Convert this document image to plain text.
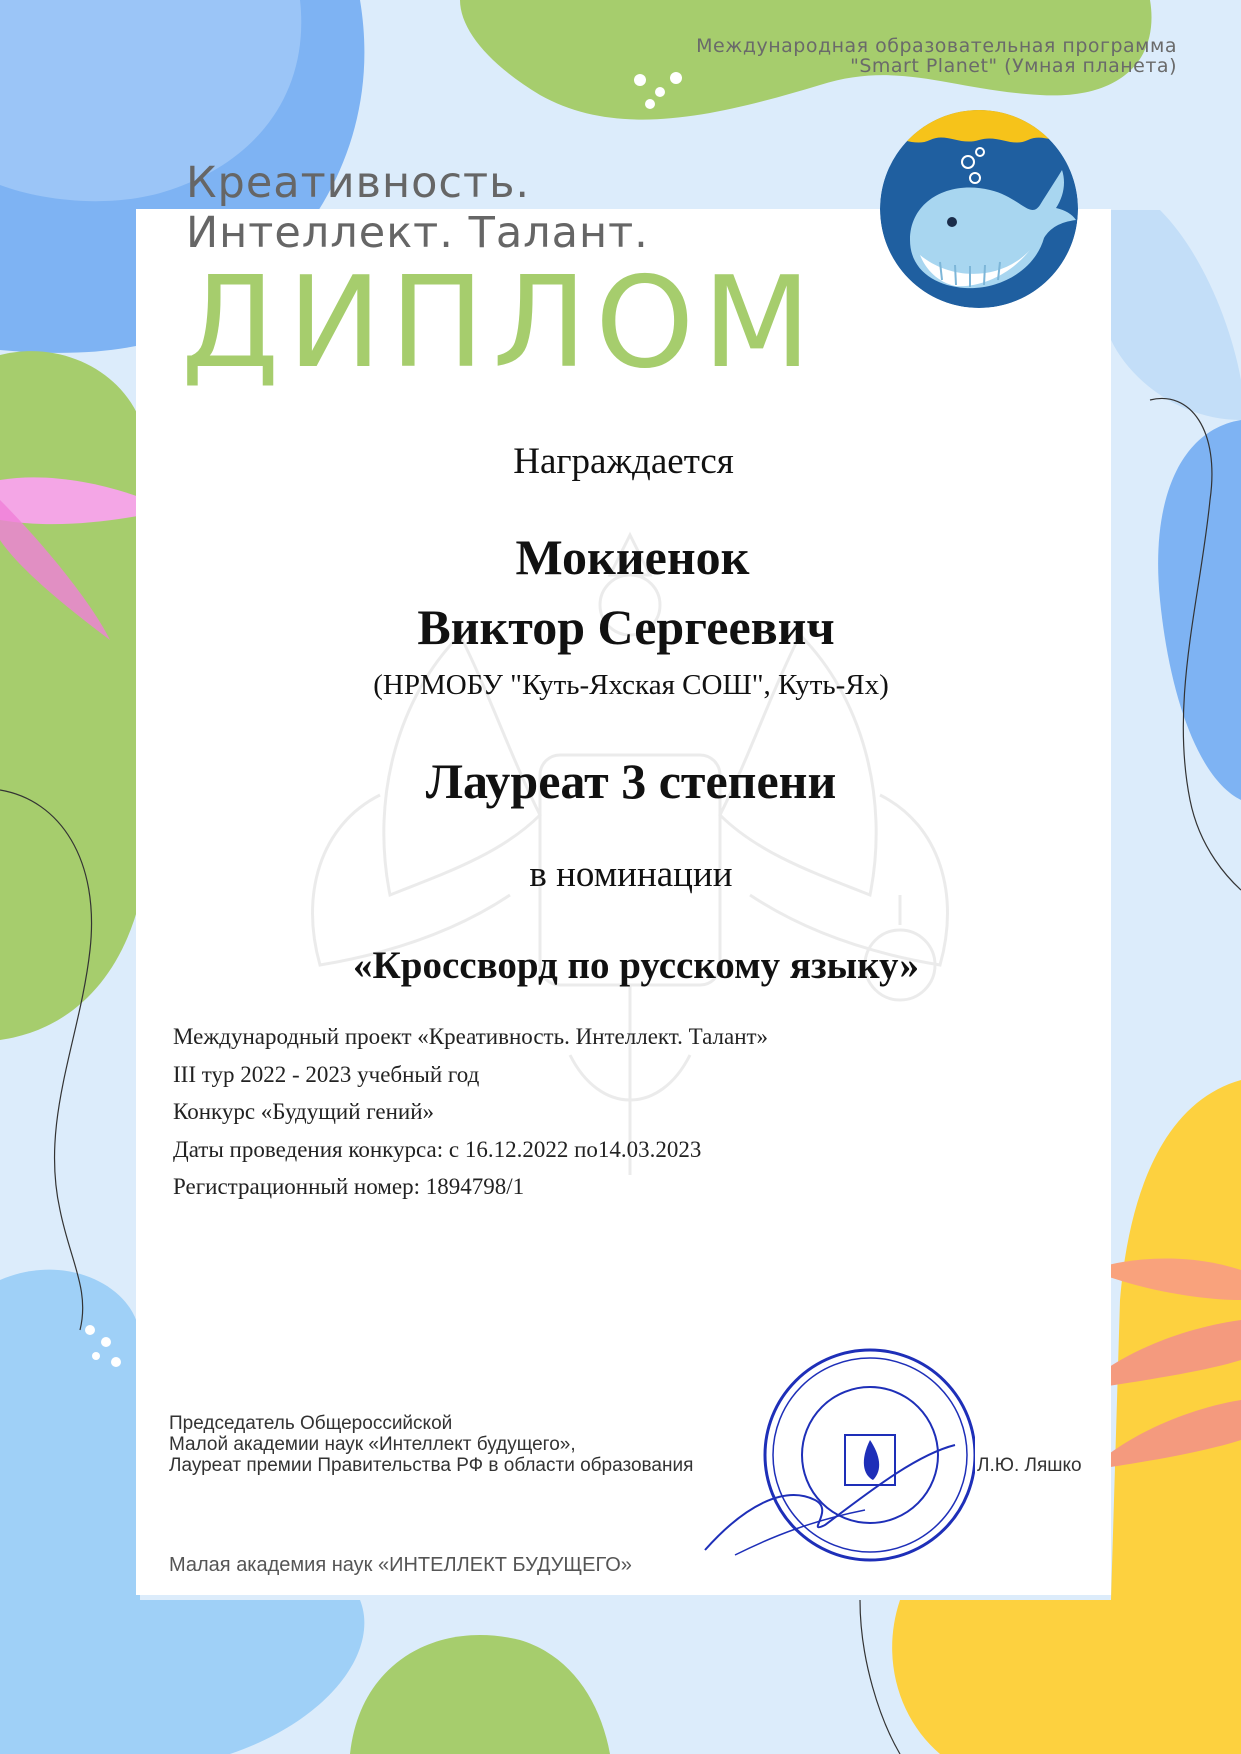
Международная образовательная программа
"Smart Planet" (Умная планета)
Креативность.
Интеллект. Талант.
ДИПЛОМ
Награждается
Мокиенок
Виктор Сергеевич
(НРМОБУ "Куть-Яхская СОШ", Куть-Ях)
Лауреат 3 степени
в номинации
«Кроссворд по русскому языку»
Международный проект «Креативность. Интеллект. Талант»
III тур 2022 - 2023 учебный год
Конкурс «Будущий гений»
Даты проведения конкурса: с 16.12.2022 по14.03.2023
Регистрационный номер: 1894798/1
Председатель Общероссийской
Малой академии наук «Интеллект будущего»,
Лауреат премии Правительства РФ в области образования	Л.Ю. Ляшко
Малая академия наук «ИНТЕЛЛЕКТ БУДУЩЕГО»
